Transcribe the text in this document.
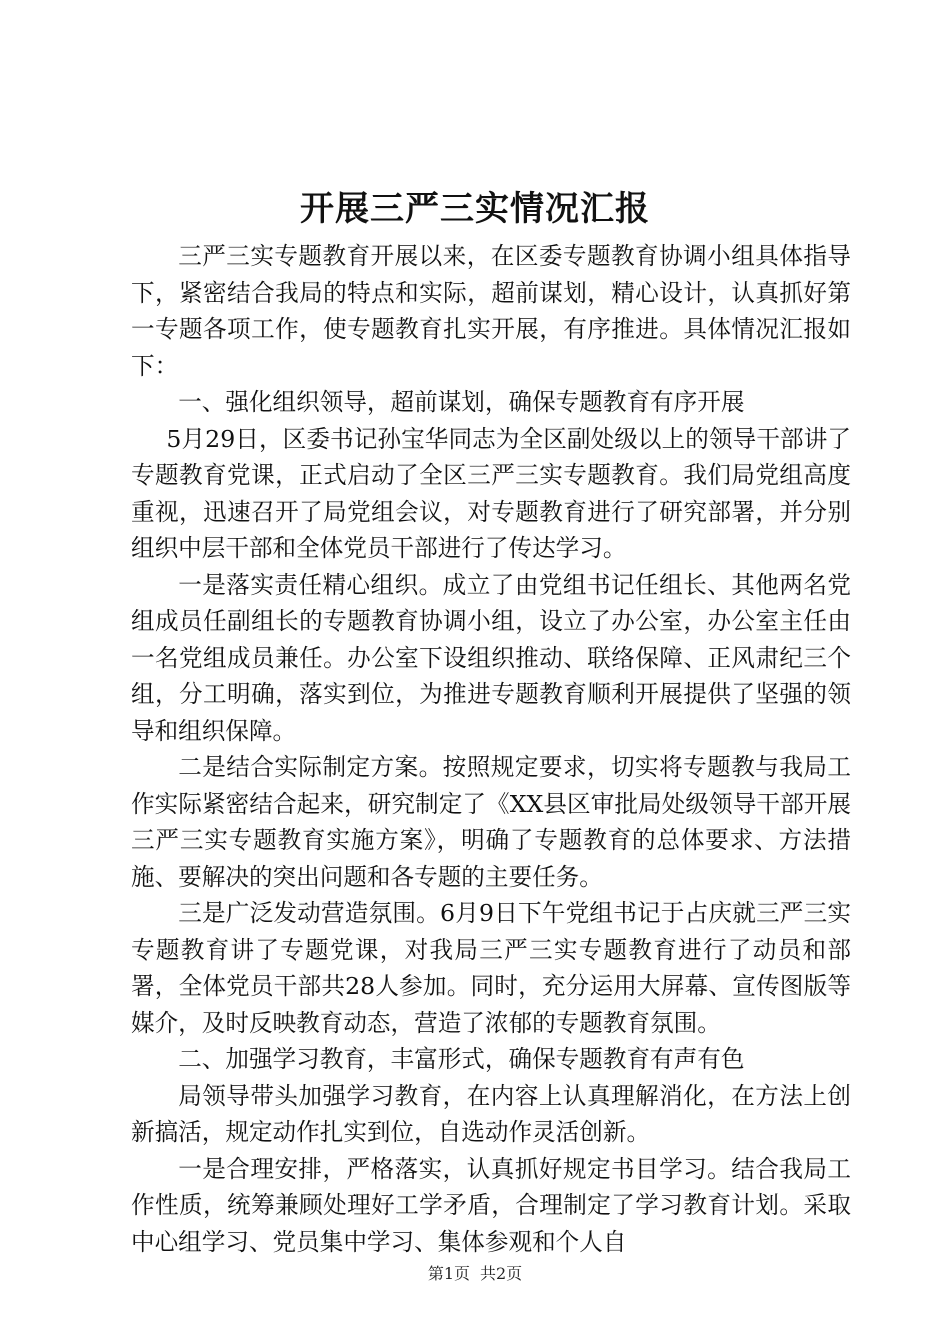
开展三严三实情况汇报

三严三实专题教育开展以来，在区委专题教育协调小组具体指导下，紧密结合我局的特点和实际，超前谋划，精心设计，认真抓好第一专题各项工作，使专题教育扎实开展，有序推进。具体情况汇报如下：

一、强化组织领导，超前谋划，确保专题教育有序开展

5月29日，区委书记孙宝华同志为全区副处级以上的领导干部讲了专题教育党课，正式启动了全区三严三实专题教育。我们局党组高度重视，迅速召开了局党组会议，对专题教育进行了研究部署，并分别组织中层干部和全体党员干部进行了传达学习。

一是落实责任精心组织。成立了由党组书记任组长、其他两名党组成员任副组长的专题教育协调小组，设立了办公室，办公室主任由一名党组成员兼任。办公室下设组织推动、联络保障、正风肃纪三个组，分工明确，落实到位，为推进专题教育顺利开展提供了坚强的领导和组织保障。

二是结合实际制定方案。按照规定要求，切实将专题教与我局工作实际紧密结合起来，研究制定了《XX县区审批局处级领导干部开展三严三实专题教育实施方案》，明确了专题教育的总体要求、方法措施、要解决的突出问题和各专题的主要任务。

三是广泛发动营造氛围。6月9日下午党组书记于占庆就三严三实专题教育讲了专题党课，对我局三严三实专题教育进行了动员和部署，全体党员干部共28人参加。同时，充分运用大屏幕、宣传图版等媒介，及时反映教育动态，营造了浓郁的专题教育氛围。

二、加强学习教育，丰富形式，确保专题教育有声有色

局领导带头加强学习教育，在内容上认真理解消化，在方法上创新搞活，规定动作扎实到位，自选动作灵活创新。

一是合理安排，严格落实，认真抓好规定书目学习。结合我局工作性质，统筹兼顾处理好工学矛盾，合理制定了学习教育计划。采取中心组学习、党员集中学习、集体参观和个人自

第1页 共2页
